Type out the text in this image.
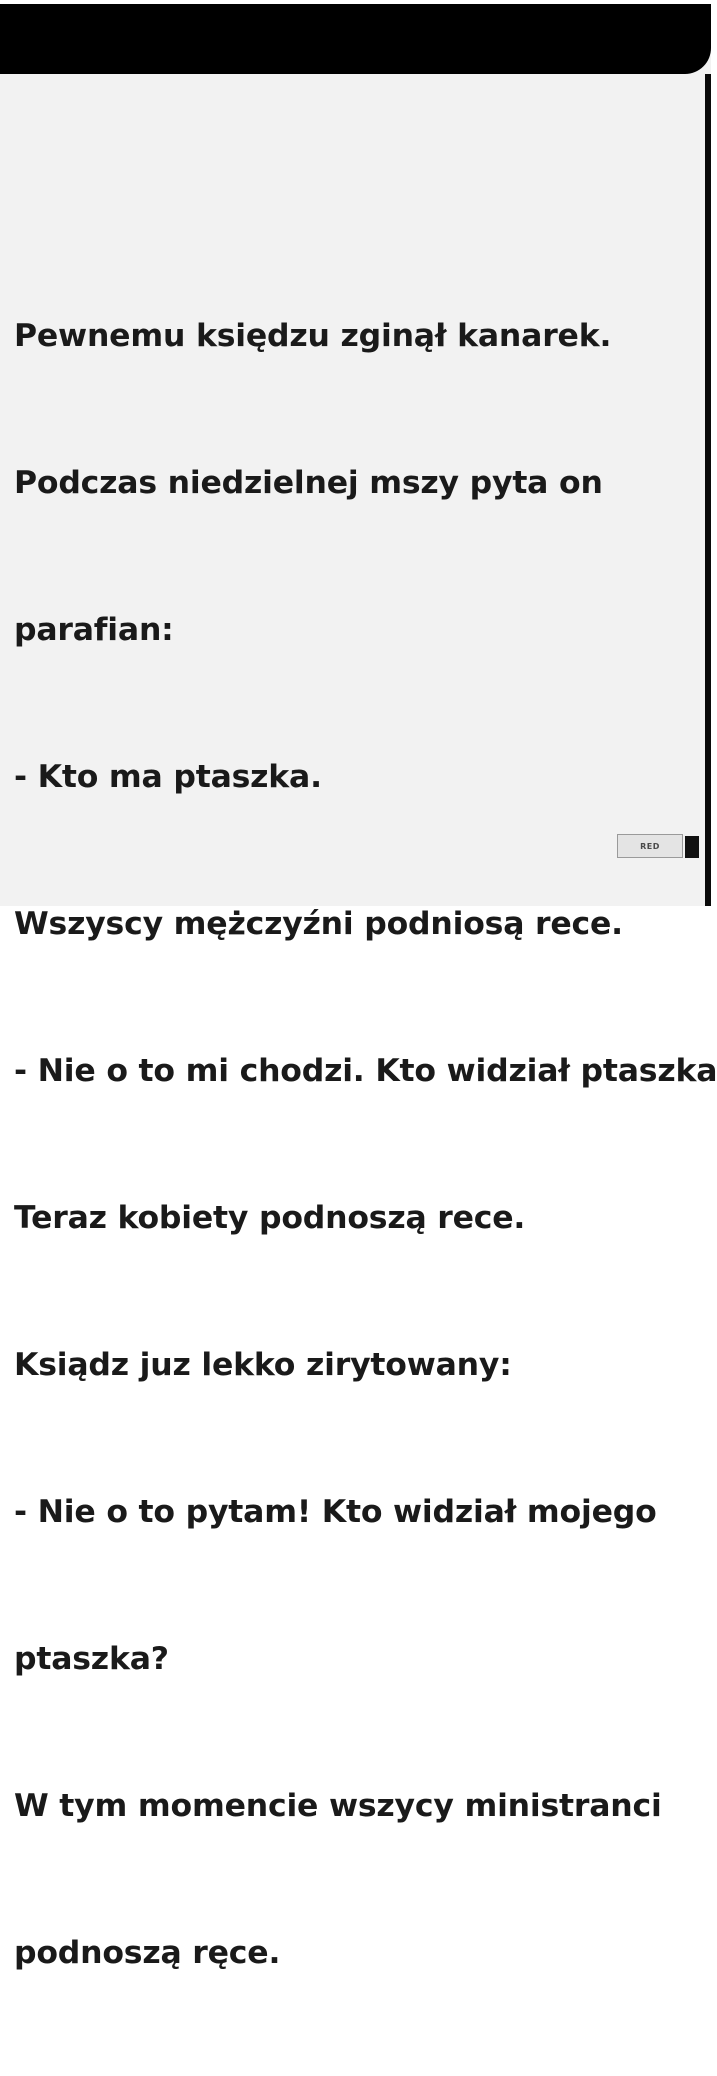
Pewnemu księdzu zginął kanarek.

Podczas niedzielnej mszy pyta on

parafian:

- Kto ma ptaszka.

Wszyscy mężczyźni podniosą rece.

- Nie o to mi chodzi. Kto widział ptaszka

Teraz kobiety podnoszą rece.

Ksiądz juz lekko zirytowany:

- Nie o to pytam! Kto widział mojego

ptaszka?

W tym momencie wszycy ministranci

podnoszą ręce.

RED
